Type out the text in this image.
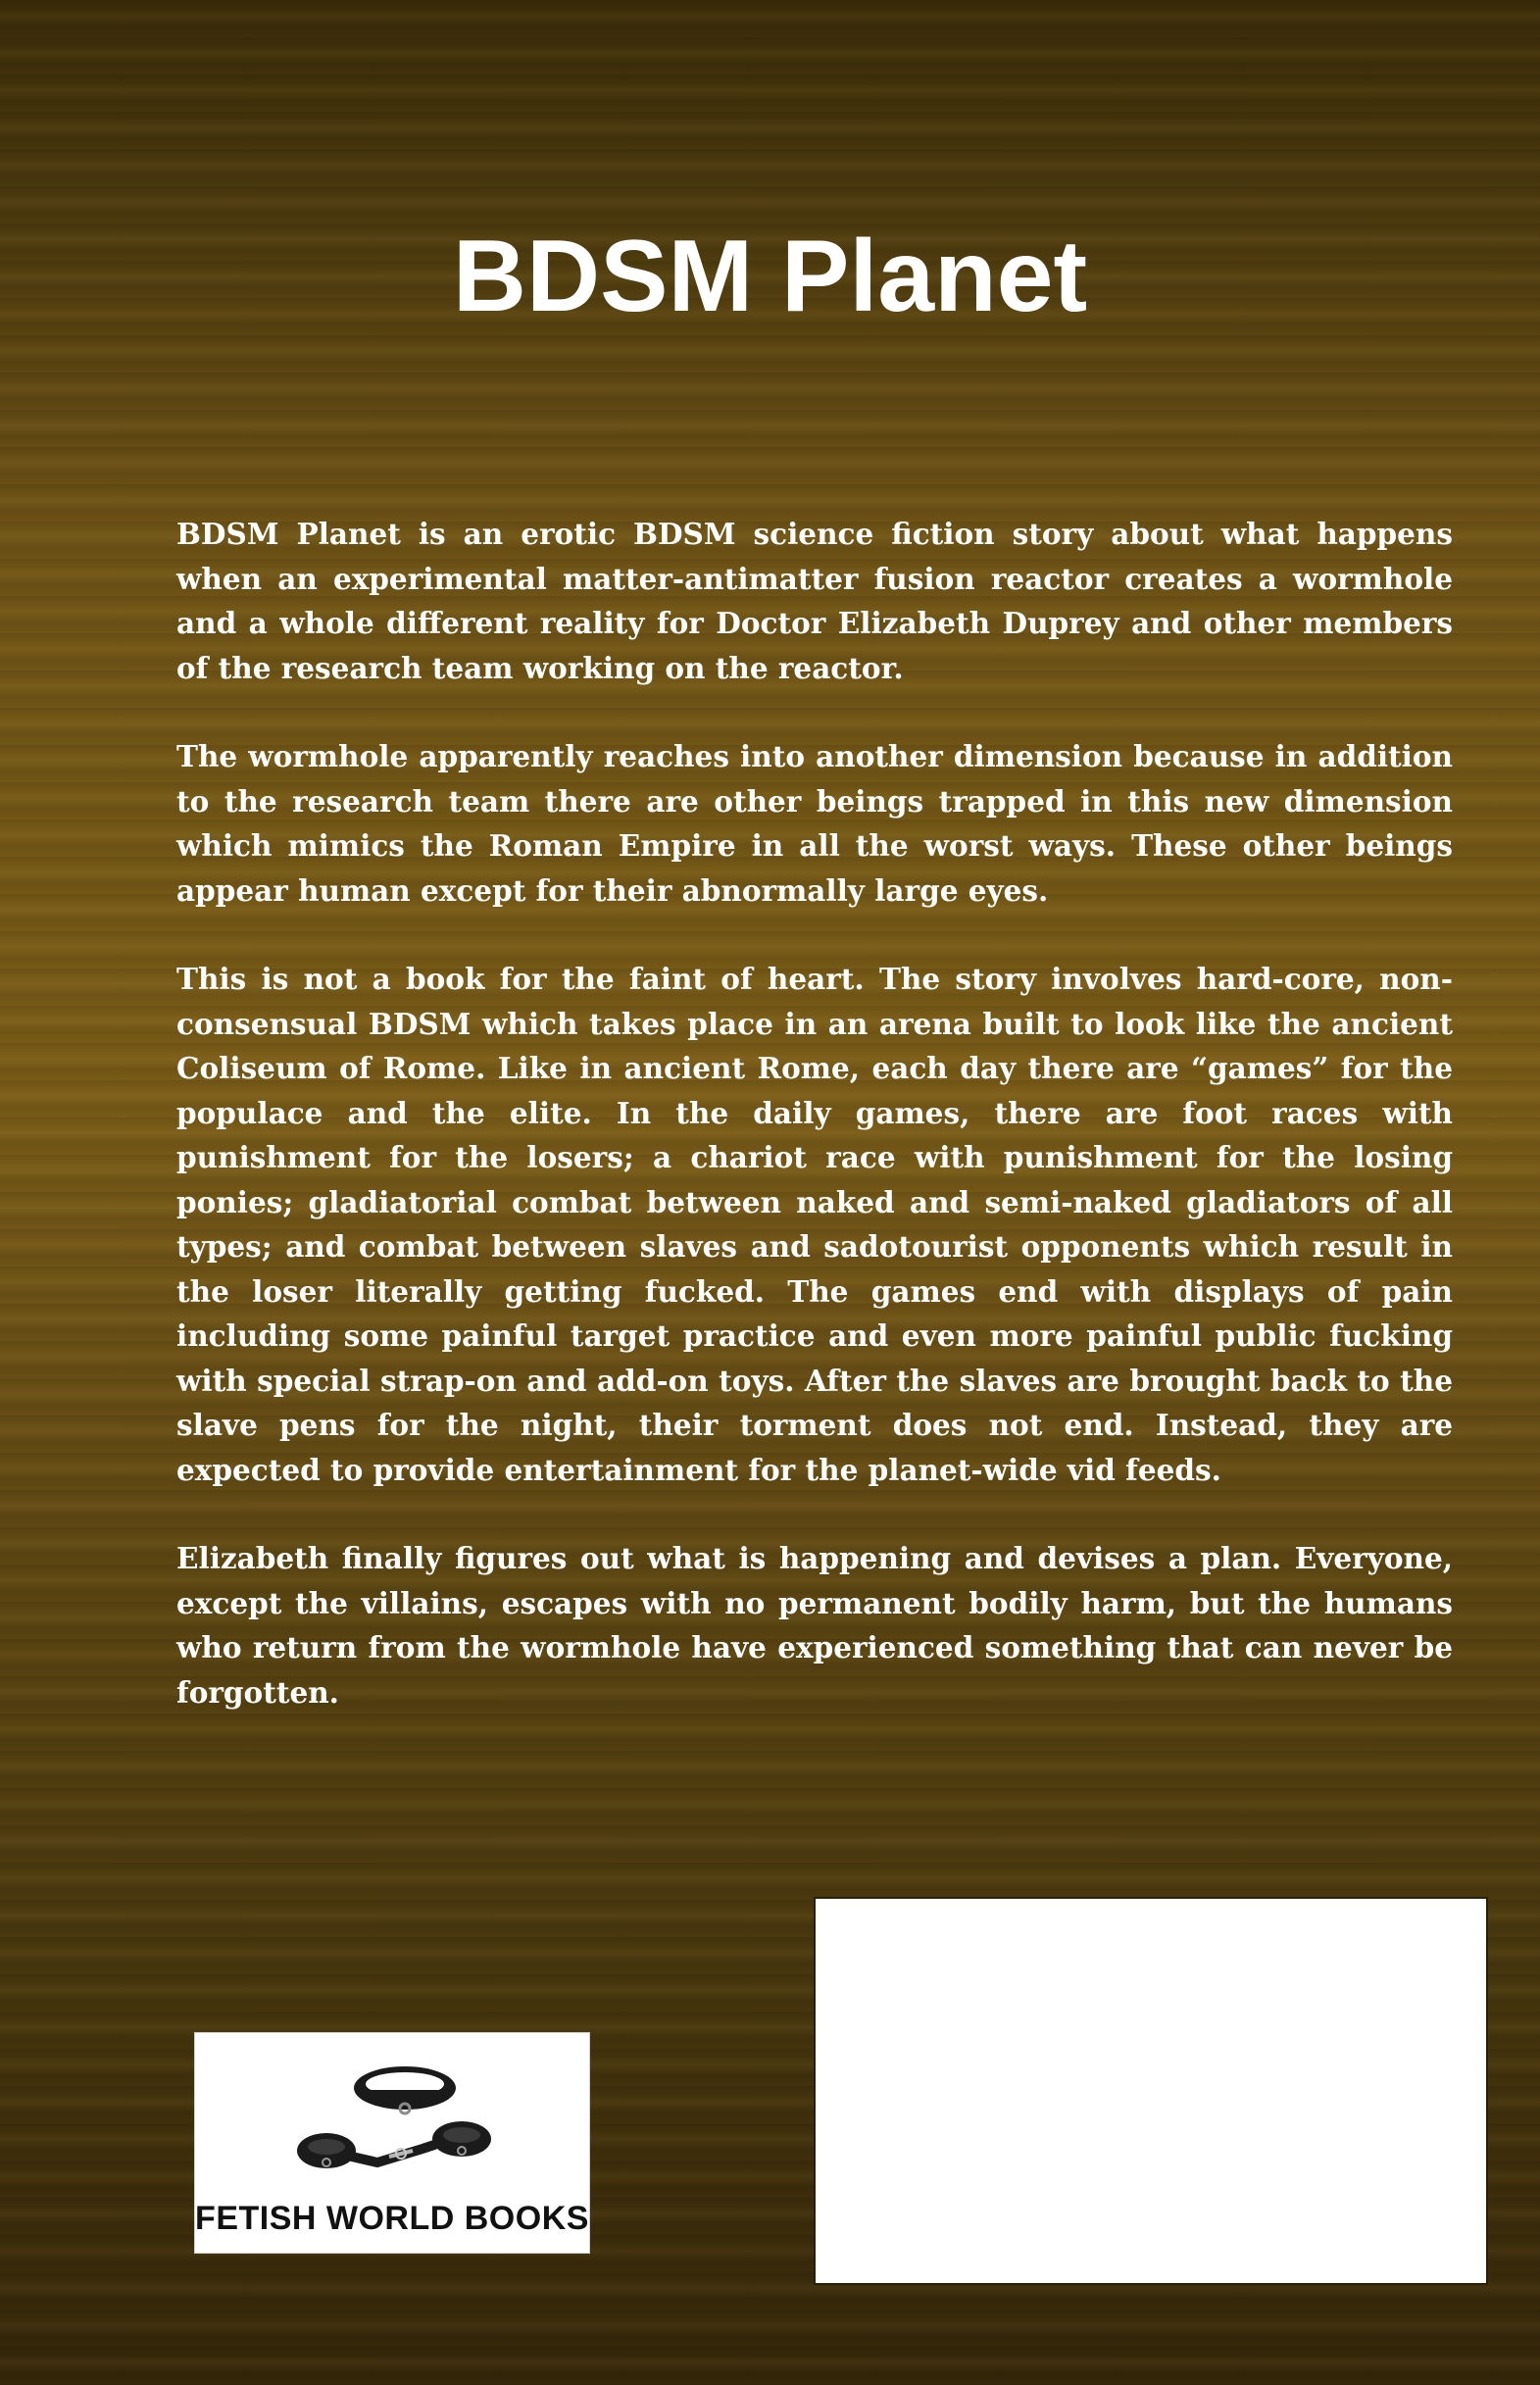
BDSM Planet

BDSM Planet is an erotic BDSM science fiction story about what happens when an experimental matter-antimatter fusion reactor creates a wormhole and a whole different reality for Doctor Elizabeth Duprey and other members of the research team working on the reactor.

The wormhole apparently reaches into another dimension because in addition to the research team there are other beings trapped in this new dimension which mimics the Roman Empire in all the worst ways. These other beings appear human except for their abnormally large eyes.

This is not a book for the faint of heart. The story involves hard-core, non-consensual BDSM which takes place in an arena built to look like the ancient Coliseum of Rome. Like in ancient Rome, each day there are “games” for the populace and the elite. In the daily games, there are foot races with punishment for the losers; a chariot race with punishment for the losing ponies; gladiatorial combat between naked and semi-naked gladiators of all types; and combat between slaves and sadotourist opponents which result in the loser literally getting fucked. The games end with displays of pain including some painful target practice and even more painful public fucking with special strap-on and add-on toys. After the slaves are brought back to the slave pens for the night, their torment does not end. Instead, they are expected to provide entertainment for the planet-wide vid feeds.

Elizabeth finally figures out what is happening and devises a plan. Everyone, except the villains, escapes with no permanent bodily harm, but the humans who return from the wormhole have experienced something that can never be forgotten.

FETISH WORLD BOOKS
